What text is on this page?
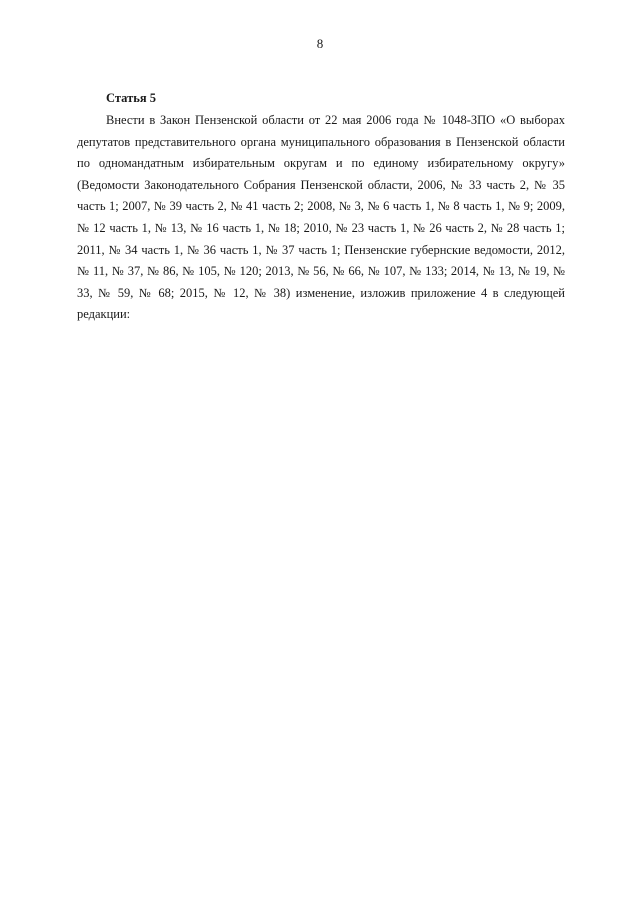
8
Статья 5

Внести в Закон Пензенской области от 22 мая 2006 года № 1048-ЗПО «О выборах депутатов представительного органа муниципального образования в Пензенской области по одномандатным избирательным округам и по единому избирательному округу» (Ведомости Законодательного Собрания Пензенской области, 2006, № 33 часть 2, № 35 часть 1; 2007, № 39 часть 2, № 41 часть 2; 2008, № 3, № 6 часть 1, № 8 часть 1, № 9; 2009, № 12 часть 1, № 13, № 16 часть 1, № 18; 2010, № 23 часть 1, № 26 часть 2, № 28 часть 1; 2011, № 34 часть 1, № 36 часть 1, № 37 часть 1; Пензенские губернские ведомости, 2012, № 11, № 37, № 86, № 105, № 120; 2013, № 56, № 66, № 107, № 133; 2014, № 13, № 19, № 33, № 59, № 68; 2015, № 12, № 38) изменение, изложив приложение 4 в следующей редакции:
